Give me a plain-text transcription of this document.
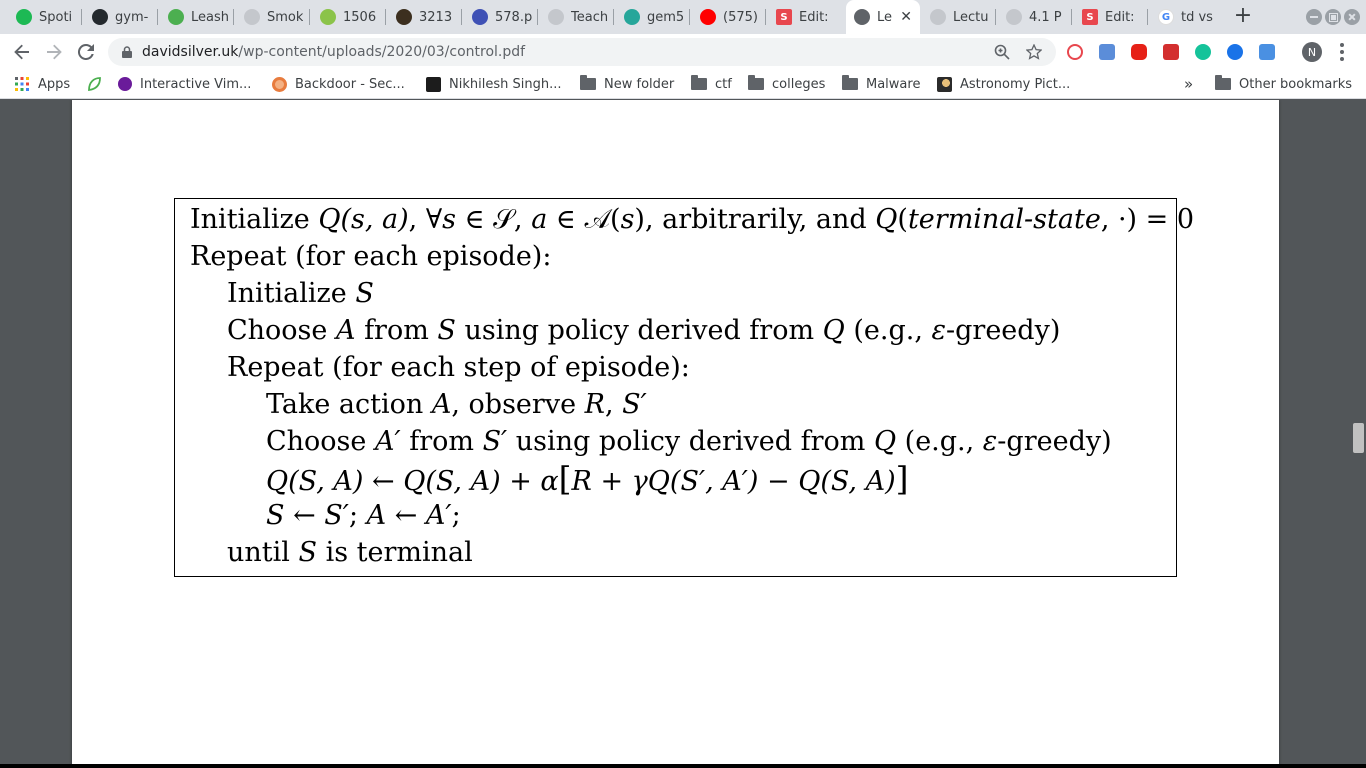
Spoti	gym-	Leash	Smok	1506	3213	578.p	Teach	gem5	(575)	S Edit:	Le ✕	Lectu	4.1 P	S Edit:	G td vs +
davidsilver.uk/wp-content/uploads/2020/03/control.pdf	N
Apps	Interactive Vim...	Backdoor - Sec...	Nikhilesh Singh...	New folder	ctf	colleges	Malware	Astronomy Pict...	»	Other bookmarks
Initialize Q(s, a), ∀s ∈ 𝒮, a ∈ 𝒜(s), arbitrarily, and Q(terminal-state, ·) = 0
Repeat (for each episode):
Initialize S
Choose A from S using policy derived from Q (e.g., ε-greedy)
Repeat (for each step of episode):
Take action A, observe R, S′
Choose A′ from S′ using policy derived from Q (e.g., ε-greedy)
Q(S, A) ← Q(S, A) + α[R + γQ(S′, A′) − Q(S, A)]
S ← S′; A ← A′;
until S is terminal
